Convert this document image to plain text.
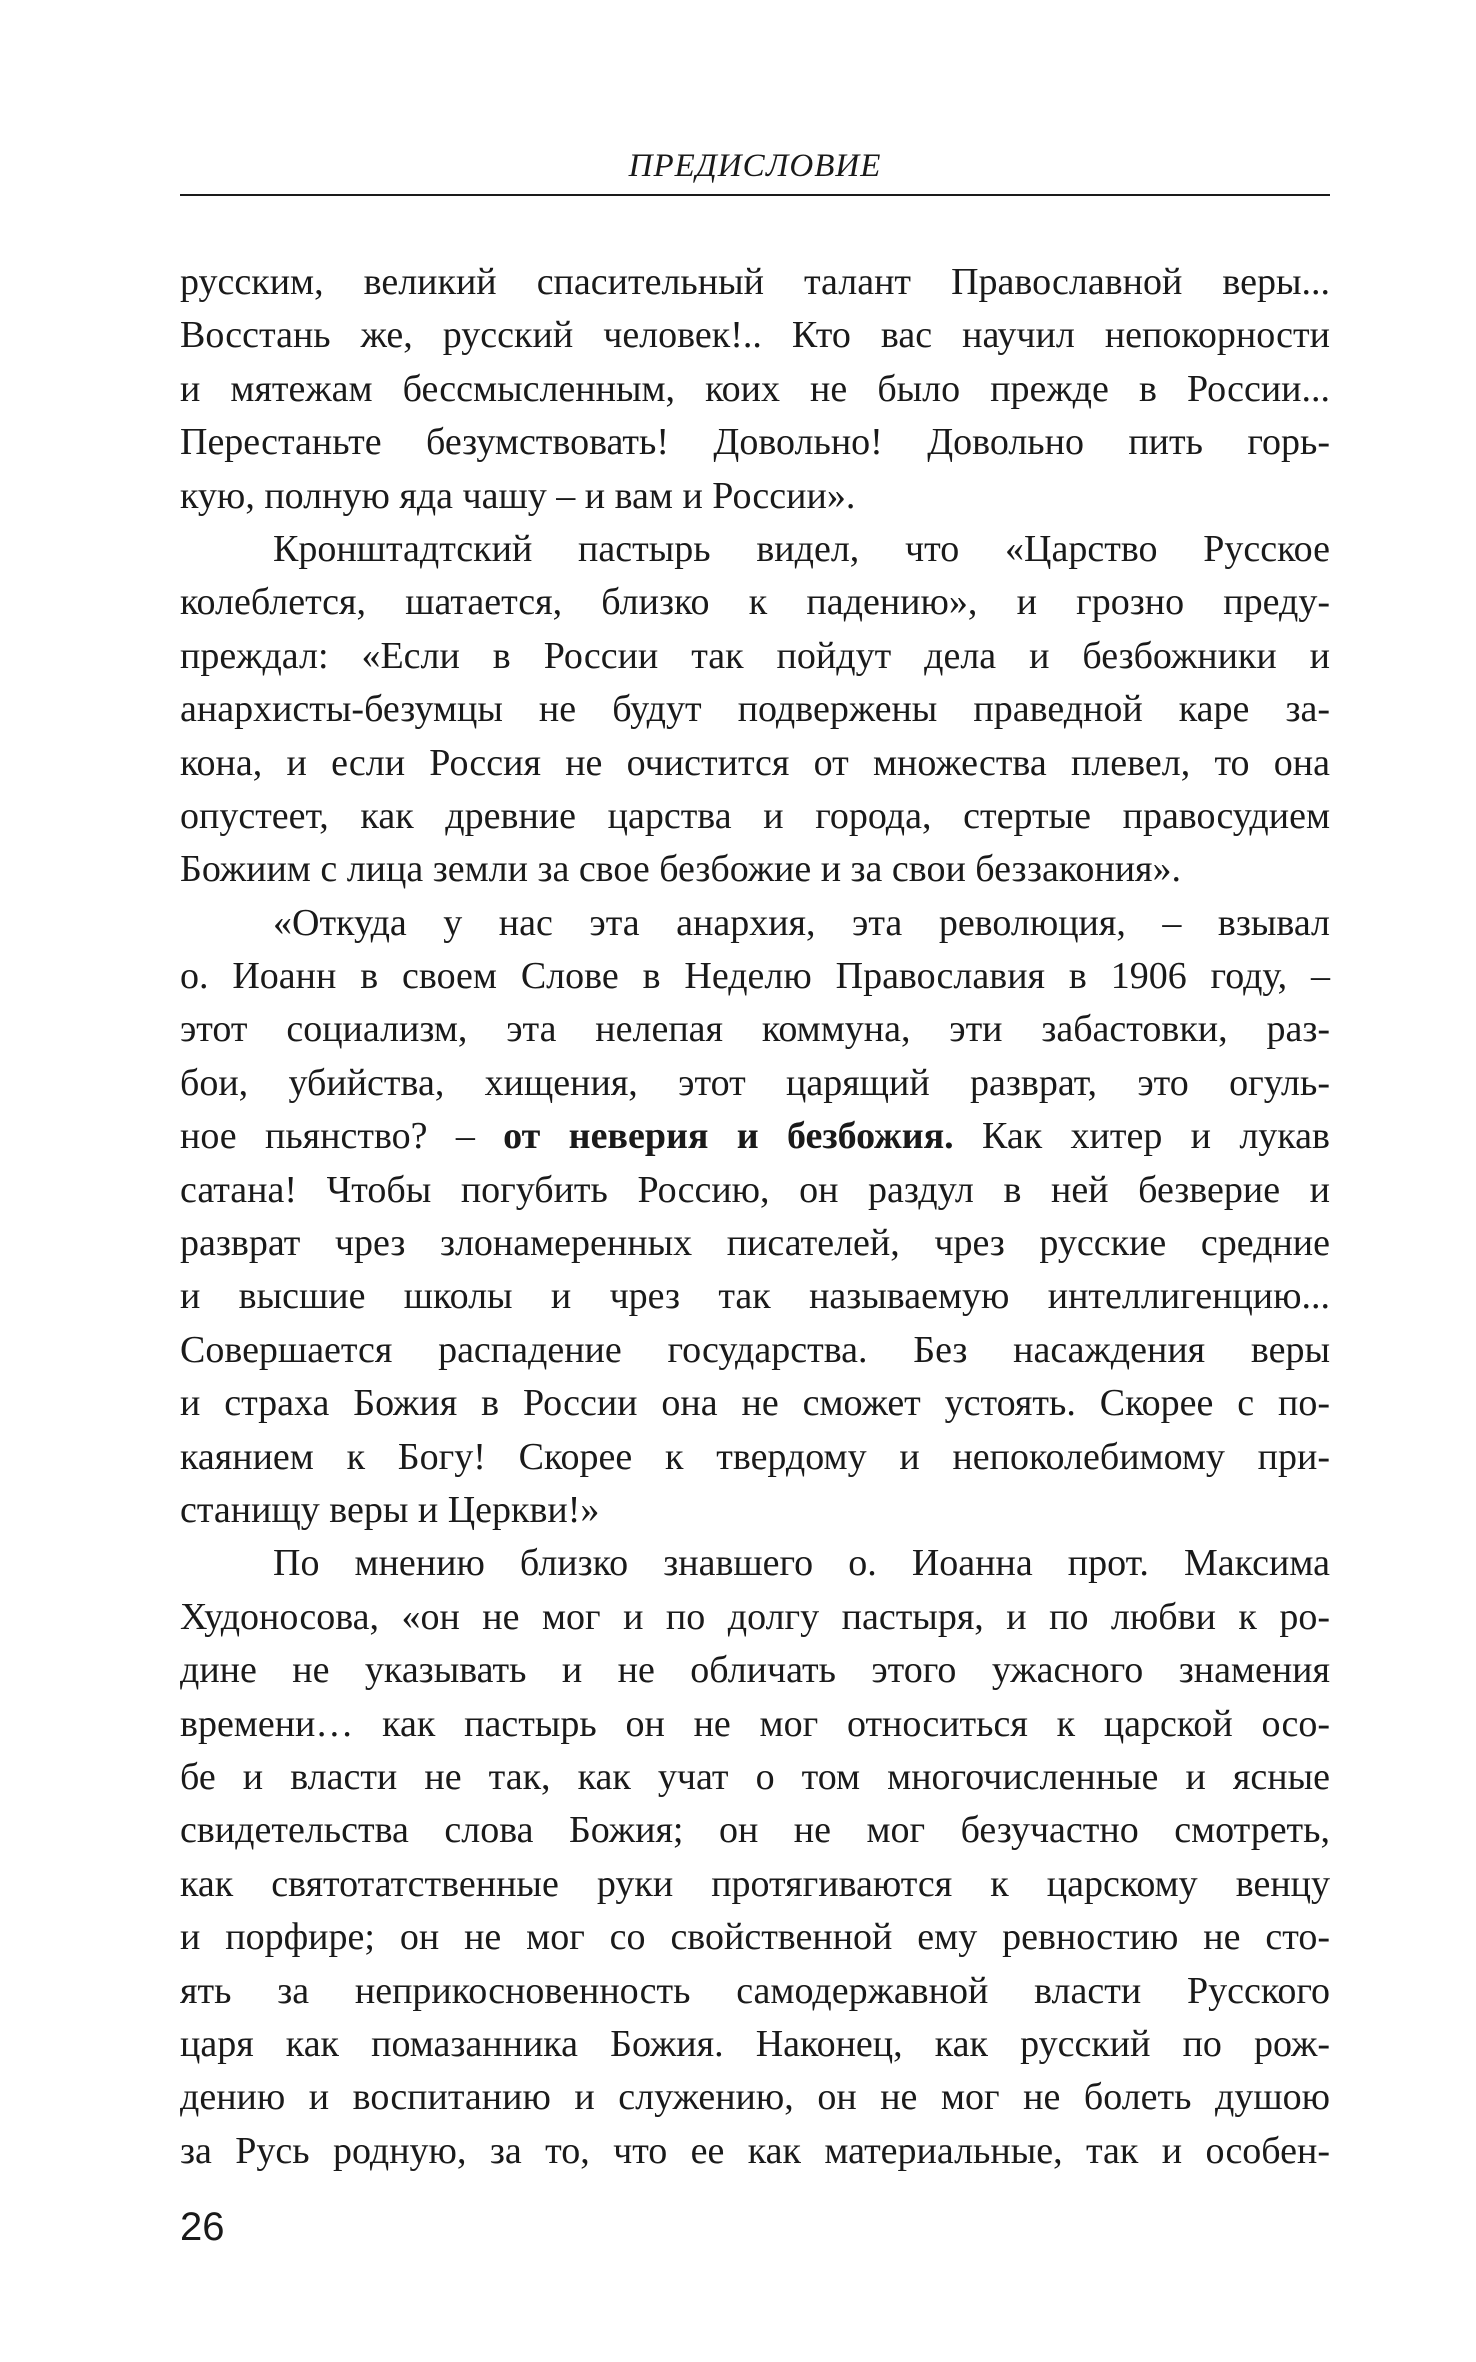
ПРЕДИСЛОВИЕ
русским, великий спасительный талант Православной веры...
Восстань же, русский человек!.. Кто вас научил непокорности
и мятежам бессмысленным, коих не было прежде в России...
Перестаньте безумствовать! Довольно! Довольно пить горь-
кую, полную яда чашу – и вам и России».
Кронштадтский пастырь видел, что «Царство Русское
колеблется, шатается, близко к падению», и грозно преду-
преждал: «Если в России так пойдут дела и безбожники и
анархисты-безумцы не будут подвержены праведной каре за-
кона, и если Россия не очистится от множества плевел, то она
опустеет, как древние царства и города, стертые правосудием
Божиим с лица земли за свое безбожие и за свои беззакония».
«Откуда у нас эта анархия, эта революция, – взывал
о. Иоанн в своем Слове в Неделю Православия в 1906 году, –
этот социализм, эта нелепая коммуна, эти забастовки, раз-
бои, убийства, хищения, этот царящий разврат, это огуль-
ное пьянство? – от неверия и безбожия. Как хитер и лукав
сатана! Чтобы погубить Россию, он раздул в ней безверие и
разврат чрез злонамеренных писателей, чрез русские средние
и высшие школы и чрез так называемую интеллигенцию...
Совершается распадение государства. Без насаждения веры
и страха Божия в России она не сможет устоять. Скорее с по-
каянием к Богу! Скорее к твердому и непоколебимому при-
станищу веры и Церкви!»
По мнению близко знавшего о. Иоанна прот. Максима
Худоносова, «он не мог и по долгу пастыря, и по любви к ро-
дине не указывать и не обличать этого ужасного знамения
времени… как пастырь он не мог относиться к царской осо-
бе и власти не так, как учат о том многочисленные и ясные
свидетельства слова Божия; он не мог безучастно смотреть,
как святотатственные руки протягиваются к царскому венцу
и порфире; он не мог со свойственной ему ревностию не сто-
ять за неприкосновенность самодержавной власти Русского
царя как помазанника Божия. Наконец, как русский по рож-
дению и воспитанию и служению, он не мог не болеть душою
за Русь родную, за то, что ее как материальные, так и особен-
26
